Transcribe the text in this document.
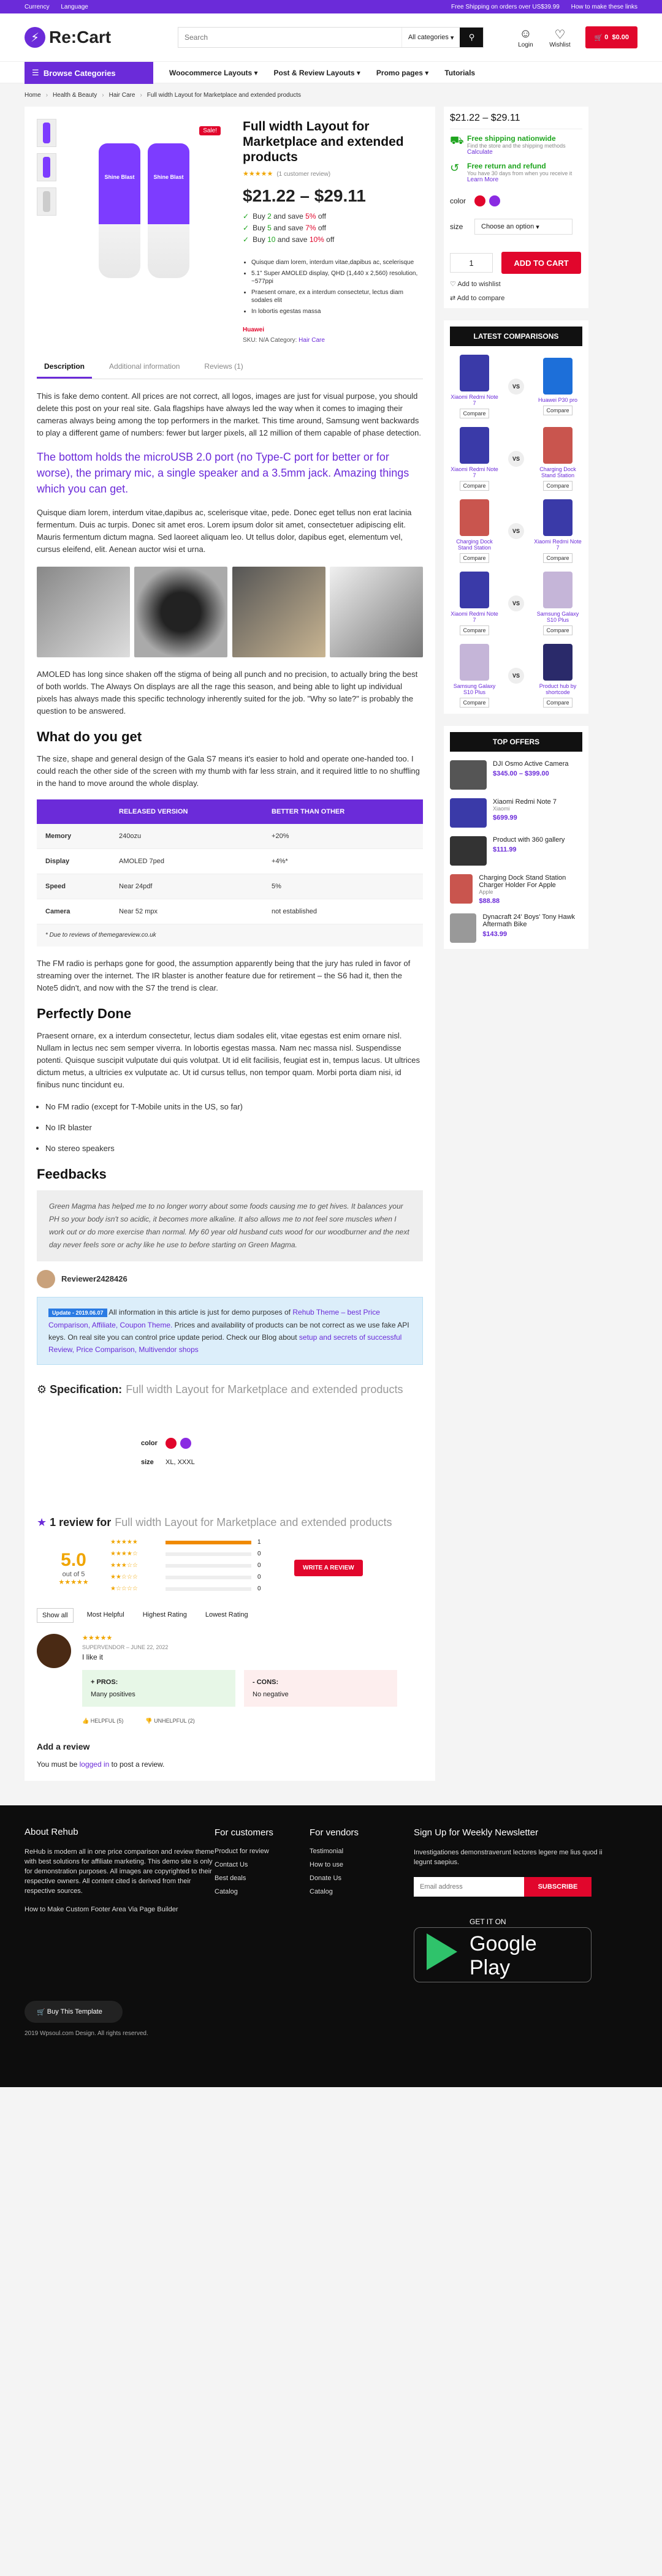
Currency Language	Free Shipping on orders over US$39.99 How to make these links
⚡ Re:Cart
Search	All categories ▾	⚲	☺
Login
♡
Wishlist
🛒
0
$0.00
☰ Browse Categories	Woocommerce Layouts ▾ Post & Review Layouts ▾ Promo pages ▾ Tutorials
Home › Health & Beauty › Hair Care › Full width Layout for Marketplace and extended products
Shine Blast	Shine Blast
Sale! Full width Layout for Marketplace and extended products
★★★★★ (1 customer review)
$21.22 – $29.11
✓ Buy 2 and save 5% off
✓ Buy 5 and save 7% off
✓ Buy 10 and save 10% off
• Quisque diam lorem, interdum vitae,dapibus ac, scelerisque
• 5.1" Super AMOLED display, QHD (1,440 x 2,560) resolution, ~577ppi
• Praesent ornare, ex a interdum consectetur, lectus diam sodales elit
• In lobortis egestas massa
Huawei
SKU: N/A Category: Hair Care
Description	Additional information	Reviews (1)

This is fake demo content. All prices are not correct, all logos, images are just for visual purpose, you should delete this post on your real site. Gala flagships have always led the way when it comes to imaging their cameras always being among the top performers in the market. This time around, Samsung went backwards to play a different game of numbers: fewer but larger pixels, all 12 million of them capable of phase detection.

The bottom holds the microUSB 2.0 port (no Type-C port for better or for worse), the primary mic, a single speaker and a 3.5mm jack. Amazing things which you can get.

Quisque diam lorem, interdum vitae,dapibus ac, scelerisque vitae, pede. Donec eget tellus non erat lacinia fermentum. Duis ac turpis. Donec sit amet eros. Lorem ipsum dolor sit amet, consectetuer adipiscing elit. Mauris fermentum dictum magna. Sed laoreet aliquam leo. Ut tellus dolor, dapibus eget, elementum vel, cursus eleifend, elit. Aenean auctor wisi et urna.

AMOLED has long since shaken off the stigma of being all punch and no precision, to actually bring the best of both worlds. The Always On displays are all the rage this season, and being able to light up individual pixels has always made this specific technology inherently suited for the job. "Why so late?" is probably the question to be answered.

What do you get

The size, shape and general design of the Gala S7 means it's easier to hold and operate one-handed too. I could reach the other side of the screen with my thumb with far less strain, and it required little to no shuffling in the hand to move around the whole display.

	RELEASED VERSION	BETTER THAN OTHER
Memory	240ozu	+20%
Display	AMOLED 7ped	+4%*
Speed	Near 24pdf	5%
Camera	Near 52 mpx	not established
* Due to reviews of themegareview.co.uk

The FM radio is perhaps gone for good, the assumption apparently being that the jury has ruled in favor of streaming over the internet. The IR blaster is another feature due for retirement – the S6 had it, then the Note5 didn't, and now with the S7 the trend is clear.

Perfectly Done

Praesent ornare, ex a interdum consectetur, lectus diam sodales elit, vitae egestas est enim ornare nisl. Nullam in lectus nec sem semper viverra. In lobortis egestas massa. Nam nec massa nisl. Suspendisse potenti. Quisque suscipit vulputate dui quis volutpat. Ut id elit facilisis, feugiat est in, tempus lacus. Ut ultrices dictum metus, a ultricies ex vulputate ac. Ut id cursus tellus, non tempor quam. Morbi porta diam nisi, id finibus nunc tincidunt eu.

• No FM radio (except for T-Mobile units in the US, so far)
• No IR blaster
• No stereo speakers
Feedbacks
Green Magma has helped me to no longer worry about some foods causing me to get hives. It balances your PH so your body isn't so acidic, it becomes more alkaline. It also allows me to not feel sore muscles when I work out or do more exercise than normal. My 60 year old husband cuts wood for our woodburner and the next day never feels sore or achy like he use to before starting on Green Magma.
Reviewer2428426
Update - 2019.06.07 All information in this article is just for demo purposes of Rehub Theme – best Price Comparison, Affiliate, Coupon Theme. Prices and availability of products can be not correct as we use fake API keys. On real site you can control price update period. Check our Blog about setup and secrets of successful Review, Price Comparison, Multivendor shops
⚙
Specification: Full width Layout for Marketplace and extended products
color
size	XL, XXXL
★
1 review for Full width Layout for Marketplace and extended products
5.0
out of 5
★★★★★
★★★★★	1
★★★★☆	0
★★★☆☆	0
★★☆☆☆	0
★☆☆☆☆	0
WRITE A REVIEW
Show all	Most Helpful	Highest Rating	Lowest Rating
★★★★★
SUPERVENDOR – JUNE 22, 2022
I like it
+ PROS:
Many positives
- CONS:
No negative
👍 HELPFUL (5)	👎 UNHELPFUL (2)
Add a review
You must be logged in to post a review.
$21.22 – $29.11
⛟ Free shipping nationwide
Find the store and the shipping methods
Calculate
↺	Free return and refund
You have 30 days from when you receive it
Learn More
color
size	Choose an option ▾
1	ADD TO CART
♡ Add to wishlist
⇄ Add to compare
LATEST COMPARISONS
Xiaomi Redmi Note 7
Compare
VS
Huawei P30 pro
Compare
Xiaomi Redmi Note 7
Compare
VS
Charging Dock Stand Station
Compare
Charging Dock Stand Station
Compare
VS
Xiaomi Redmi Note 7
Compare
Xiaomi Redmi Note 7
Compare
VS
Samsung Galaxy S10 Plus
Compare
Samsung Galaxy S10 Plus
Compare
VS
Product hub by shortcode
Compare
TOP OFFERS
DJI Osmo Active Camera
$345.00 – $399.00
Xiaomi Redmi Note 7
Xiaomi
$699.99
Product with 360 gallery
$111.99
Charging Dock Stand Station Charger Holder For Apple
Apple
$88.88
Dynacraft 24' Boys' Tony Hawk Aftermath Bike
$143.99
About Rehub
ReHub is modern all in one price comparison and review theme with best solutions for affiliate marketing. This demo site is only for demonstration purposes. All images are copyrighted to their respective owners. All content cited is derived from their respective sources.
How to Make Custom Footer Area Via Page Builder
For customers
Product for review
Contact Us
Best deals
Catalog
For vendors
Testimonial
How to use
Donate Us
Catalog
Sign Up for Weekly Newsletter
Investigationes demonstraverunt lectores legere me lius quod ii legunt saepius.
Email address
SUBSCRIBE
GET IT ON
Google Play
🛒
Buy This Template
2019 Wpsoul.com Design. All rights reserved.
